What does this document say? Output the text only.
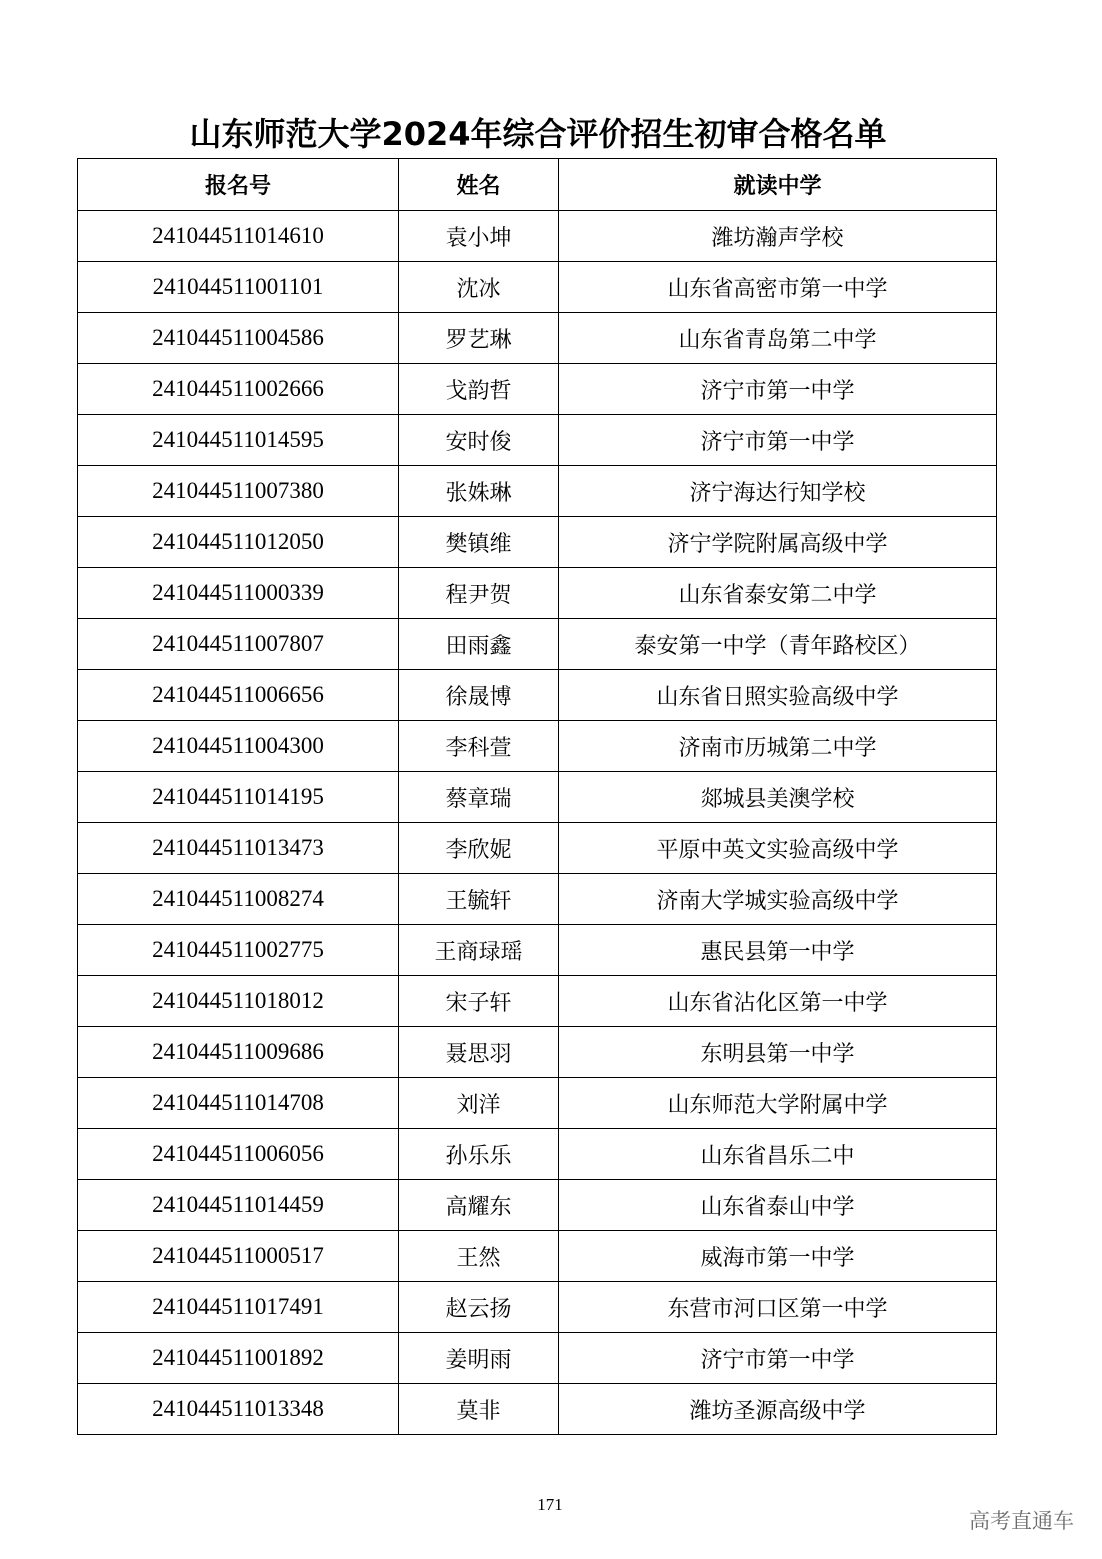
山东师范大学2024年综合评价招生初审合格名单
报名号	姓名	就读中学
241044511014610	袁小坤	潍坊瀚声学校
241044511001101	沈冰	山东省高密市第一中学
241044511004586	罗艺琳	山东省青岛第二中学
241044511002666	戈韵哲	济宁市第一中学
241044511014595	安时俊	济宁市第一中学
241044511007380	张姝琳	济宁海达行知学校
241044511012050	樊镇维	济宁学院附属高级中学
241044511000339	程尹贺	山东省泰安第二中学
241044511007807	田雨鑫	泰安第一中学（青年路校区）
241044511006656	徐晟博	山东省日照实验高级中学
241044511004300	李科萱	济南市历城第二中学
241044511014195	蔡章瑞	郯城县美澳学校
241044511013473	李欣妮	平原中英文实验高级中学
241044511008274	王毓轩	济南大学城实验高级中学
241044511002775	王商琭瑶	惠民县第一中学
241044511018012	宋子轩	山东省沾化区第一中学
241044511009686	聂思羽	东明县第一中学
241044511014708	刘洋	山东师范大学附属中学
241044511006056	孙乐乐	山东省昌乐二中
241044511014459	高耀东	山东省泰山中学
241044511000517	王然	威海市第一中学
241044511017491	赵云扬	东营市河口区第一中学
241044511001892	姜明雨	济宁市第一中学
241044511013348	莫非	潍坊圣源高级中学
171
高考直通车
